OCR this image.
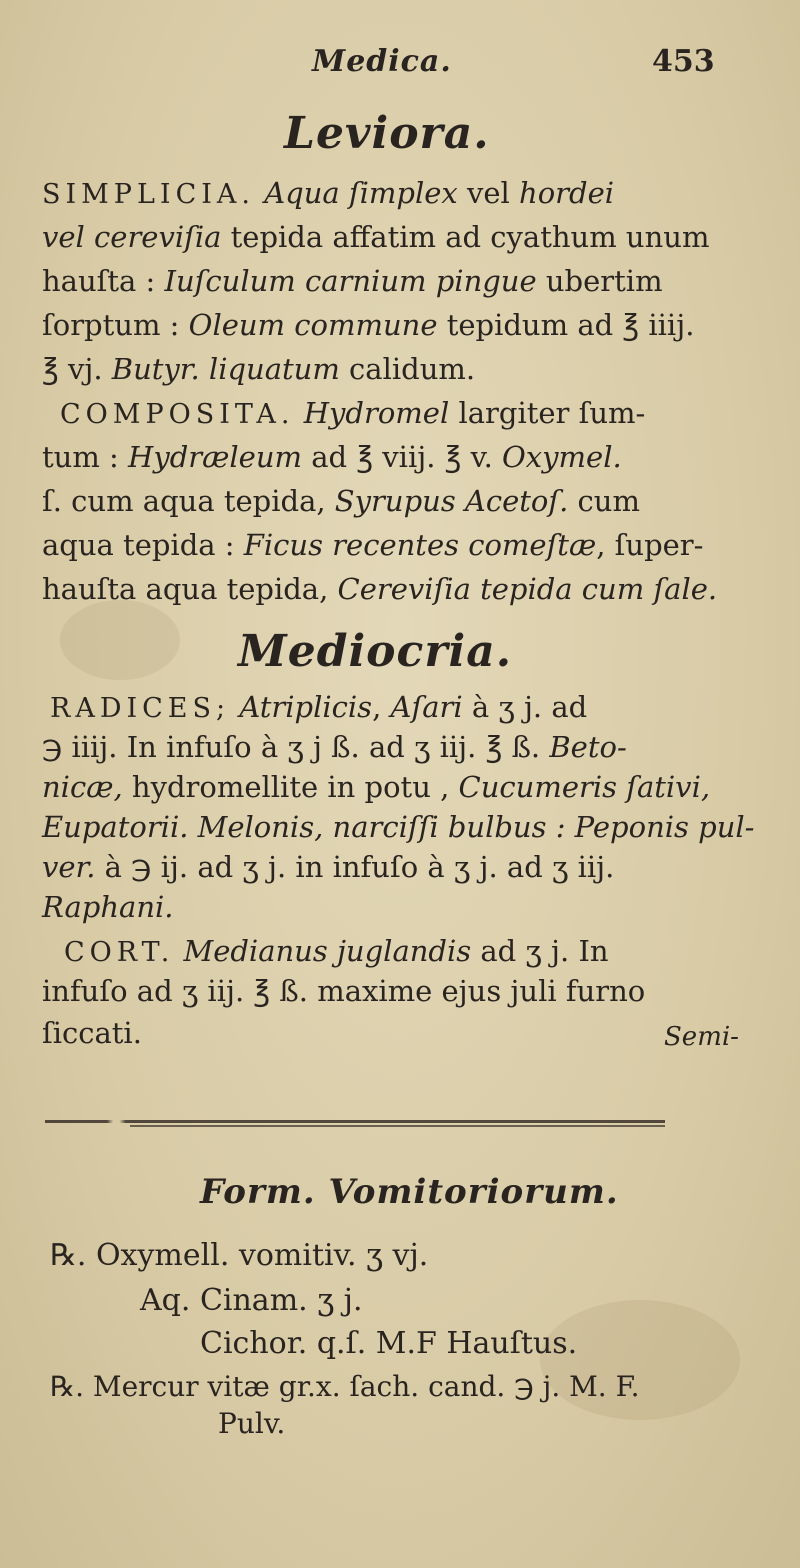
Medica.	453
Leviora.
SIMPLICIA. Aqua ſimplex vel hordei
vel cereviſia tepida affatim ad cyathum unum
hauſta : Iuſculum carnium pingue ubertim
ſorptum : Oleum commune tepidum ad ℥ iiij.
℥ vj. Butyr. liquatum calidum.
COMPOSITA. Hydromel largiter ſum-
tum : Hydræleum ad ℥ viij. ℥ v. Oxymel.
ſ. cum aqua tepida, Syrupus Acetoſ. cum
aqua tepida : Ficus recentes comeſtæ, ſuper-
hauſta aqua tepida, Cereviſia tepida cum ſale.
Mediocria.
RADICES; Atriplicis, Aſari à ʒ j. ad
℈ iiij. In infuſo à ʒ j ß. ad ʒ iij. ℥ ß. Beto-
nicæ, hydromellite in potu , Cucumeris ſativi,
Eupatorii. Melonis, narciſſi bulbus : Peponis pul-
ver. à ℈ ij. ad ʒ j. in infuſo à ʒ j. ad ʒ iij.
Raphani.
CORT. Medianus juglandis ad ʒ j. In
infuſo ad ʒ iij. ℥ ß. maxime ejus juli furno
ſiccati.	Semi-
Form. Vomitoriorum.
℞. Oxymell. vomitiv. ʒ vj.
Aq. Cinam. ʒ j.
Cichor. q.ſ. M.F Hauſtus.
℞. Mercur vitæ gr.x. ſach. cand. ℈ j. M. F.
Pulv.
